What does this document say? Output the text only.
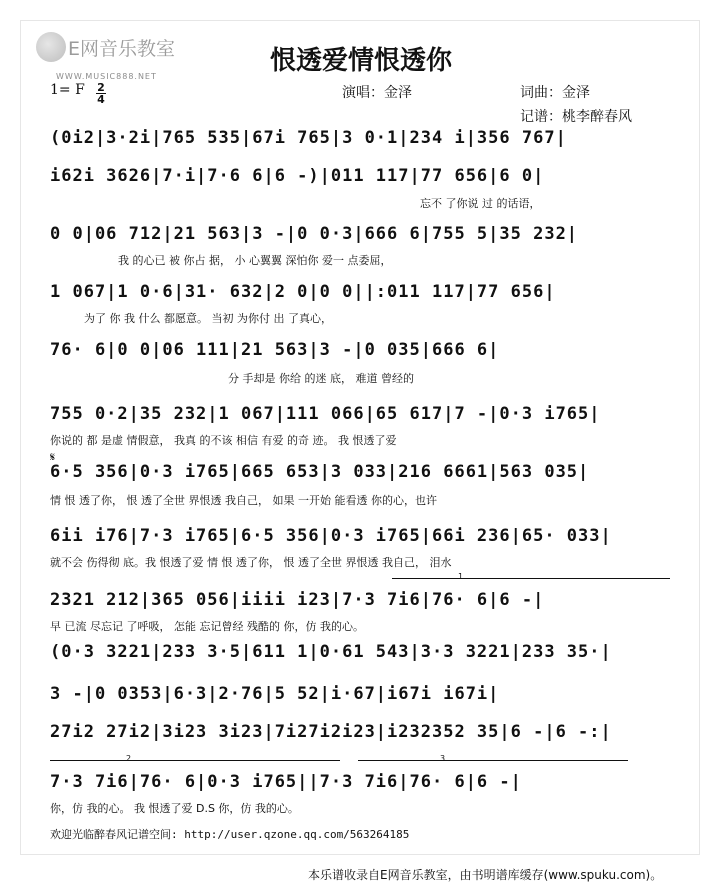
E网音乐教室
WWW.MUSIC888.NET
恨透爱情恨透你
1= F $\frac{2}{4}$	演唱：金泽	词曲：金泽
记谱：桃李醉春风
(0i2|3·2i|765 535|67i 765|3 0·1|234 i|356 767|
i62i 3626|7·i|7·6 6|6 -)|011 117|77 656|6 0|
忘不 了你说 过 的话语，
0 0|06 712|21 563|3 -|0 0·3|666 6|755 5|35 232|
我 的心已 被 你占 据， 小 心翼翼 深怕你 爱一 点委屈，
1 067|1 0·6|31· 632|2 0|0 0||:011 117|77 656|
为了 你 我 什么 都愿意。 当初 为你付 出 了真心，
76· 6|0 0|06 111|21 563|3 -|0 035|666 6|
分 手却是 你给 的迷 底， 难道 曾经的
755 0·2|35 232|1 067|111 066|65 617|7 -|0·3 i765|
你说的 都 是虚 情假意， 我真 的不该 相信 有爱 的奇 迹。 我 恨透了爱
𝄋
6·5 356|0·3 i765|665 653|3 033|216 6661|563 035|
情 恨 透了你， 恨 透了全世 界恨透 我自己， 如果 一开始 能看透 你的心，也许
6ii i76|7·3 i765|6·5 356|0·3 i765|66i 236|65· 033|
就不会 伤得彻 底。我 恨透了爱 情 恨 透了你， 恨 透了全世 界恨透 我自己， 泪水
1
2321 212|365 056|iiii i23|7·3 7i6|76· 6|6 -|
早 已流 尽忘记 了呼吸， 怎能 忘记曾经 残酷的 你，仿 我的心。
(0·3 3221|233 3·5|611 1|0·61 543|3·3 3221|233 35·|
3 -|0 0353|6·3|2·76|5 52|i·67|i67i i67i|
27i2 27i2|3i23 3i23|7i27i2i23|i232352 35|6 -|6 -:|
2	3
7·3 7i6|76· 6|0·3 i765||7·3 7i6|76· 6|6 -|
你，仿 我的心。 我 恨透了爱 D.S 你，仿 我的心。
欢迎光临醉春风记谱空间: http://user.qzone.qq.com/563264185
本乐谱收录自E网音乐教室，由书明谱库缓存(www.spuku.com)。
